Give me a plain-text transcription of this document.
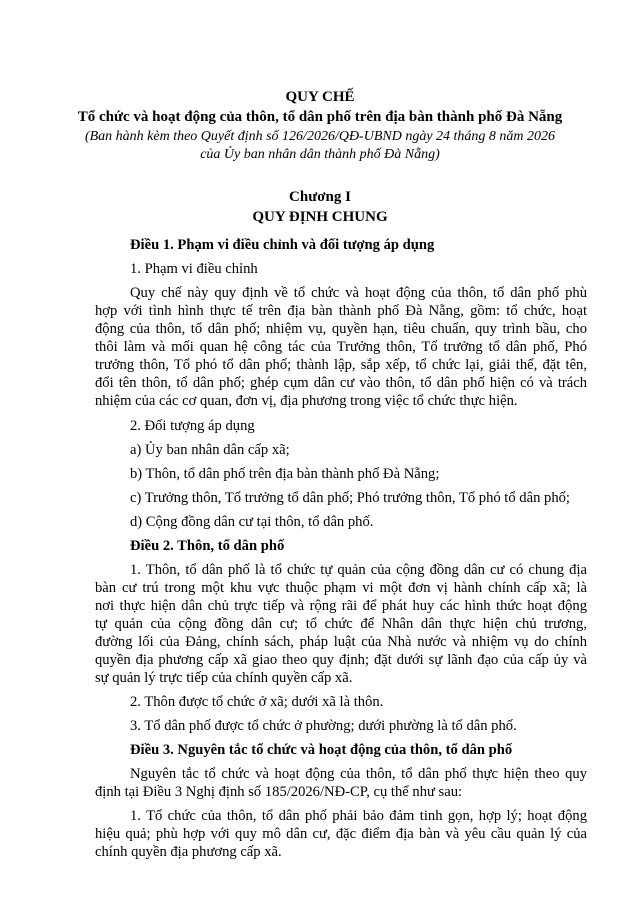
QUY CHẾ
Tổ chức và hoạt động của thôn, tổ dân phố trên địa bàn thành phố Đà Nẵng
(Ban hành kèm theo Quyết định số 126/2026/QĐ-UBND ngày 24 tháng 8 năm 2026
của Ủy ban nhân dân thành phố Đà Nẵng)
Chương I
QUY ĐỊNH CHUNG
Điều 1. Phạm vi điều chỉnh và đối tượng áp dụng
1. Phạm vi điều chỉnh
Quy chế này quy định về tổ chức và hoạt động của thôn, tổ dân phố phù
hợp với tình hình thực tế trên địa bàn thành phố Đà Nẵng, gồm: tổ chức, hoạt
động của thôn, tổ dân phố; nhiệm vụ, quyền hạn, tiêu chuẩn, quy trình bầu, cho
thôi làm và mối quan hệ công tác của Trưởng thôn, Tổ trưởng tổ dân phố, Phó
trưởng thôn, Tổ phó tổ dân phố; thành lập, sắp xếp, tổ chức lại, giải thể, đặt tên,
đổi tên thôn, tổ dân phố; ghép cụm dân cư vào thôn, tổ dân phố hiện có và trách
nhiệm của các cơ quan, đơn vị, địa phương trong việc tổ chức thực hiện.
2. Đối tượng áp dụng
a) Ủy ban nhân dân cấp xã;
b) Thôn, tổ dân phố trên địa bàn thành phố Đà Nẵng;
c) Trưởng thôn, Tổ trưởng tổ dân phố; Phó trưởng thôn, Tổ phó tổ dân phố;
d) Cộng đồng dân cư tại thôn, tổ dân phố.
Điều 2. Thôn, tổ dân phố
1. Thôn, tổ dân phố là tổ chức tự quản của cộng đồng dân cư có chung địa
bàn cư trú trong một khu vực thuộc phạm vi một đơn vị hành chính cấp xã; là
nơi thực hiện dân chủ trực tiếp và rộng rãi để phát huy các hình thức hoạt động
tự quản của cộng đồng dân cư; tổ chức để Nhân dân thực hiện chủ trương,
đường lối của Đảng, chính sách, pháp luật của Nhà nước và nhiệm vụ do chính
quyền địa phương cấp xã giao theo quy định; đặt dưới sự lãnh đạo của cấp ủy và
sự quản lý trực tiếp của chính quyền cấp xã.
2. Thôn được tổ chức ở xã; dưới xã là thôn.
3. Tổ dân phố được tổ chức ở phường; dưới phường là tổ dân phố.
Điều 3. Nguyên tắc tổ chức và hoạt động của thôn, tổ dân phố
Nguyên tắc tổ chức và hoạt động của thôn, tổ dân phố thực hiện theo quy
định tại Điều 3 Nghị định số 185/2026/NĐ-CP, cụ thể như sau:
1. Tổ chức của thôn, tổ dân phố phải bảo đảm tinh gọn, hợp lý; hoạt động
hiệu quả; phù hợp với quy mô dân cư, đặc điểm địa bàn và yêu cầu quản lý của
chính quyền địa phương cấp xã.
